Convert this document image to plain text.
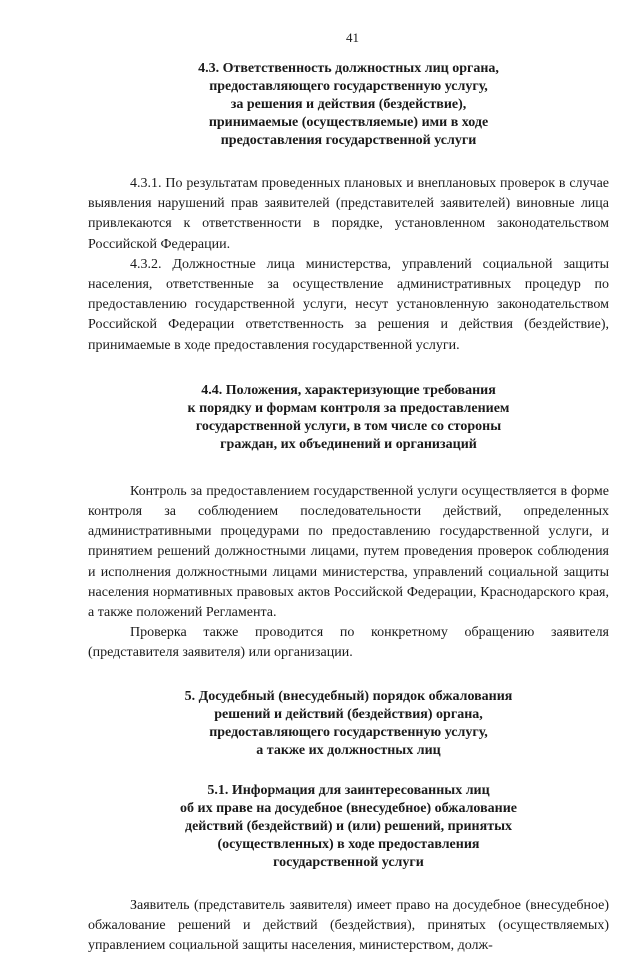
41
4.3. Ответственность должностных лиц органа,
предоставляющего государственную услугу,
за решения и действия (бездействие),
принимаемые (осуществляемые) ими в ходе
предоставления государственной услуги

4.3.1. По результатам проведенных плановых и внеплановых проверок в случае выявления нарушений прав заявителей (представителей заявителей) виновные лица привлекаются к ответственности в порядке, установленном законодательством Российской Федерации.

4.3.2. Должностные лица министерства, управлений социальной защиты населения, ответственные за осуществление административных процедур по предоставлению государственной услуги, несут установленную законодательством Российской Федерации ответственность за решения и действия (бездействие), принимаемые в ходе предоставления государственной услуги.

4.4. Положения, характеризующие требования
к порядку и формам контроля за предоставлением
государственной услуги, в том числе со стороны
граждан, их объединений и организаций

Контроль за предоставлением государственной услуги осуществляется в форме контроля за соблюдением последовательности действий, определенных административными процедурами по предоставлению государственной услуги, и принятием решений должностными лицами, путем проведения проверок соблюдения и исполнения должностными лицами министерства, управлений социальной защиты населения нормативных правовых актов Российской Федерации, Краснодарского края, а также положений Регламента.

Проверка также проводится по конкретному обращению заявителя (представителя заявителя) или организации.

5. Досудебный (внесудебный) порядок обжалования
решений и действий (бездействия) органа,
предоставляющего государственную услугу,
а также их должностных лиц
5.1. Информация для заинтересованных лиц
об их праве на досудебное (внесудебное) обжалование
действий (бездействий) и (или) решений, принятых
(осуществленных) в ходе предоставления
государственной услуги

Заявитель (представитель заявителя) имеет право на досудебное (внесудебное) обжалование решений и действий (бездействия), принятых (осуществляемых) управлением социальной защиты населения, министерством, долж-
